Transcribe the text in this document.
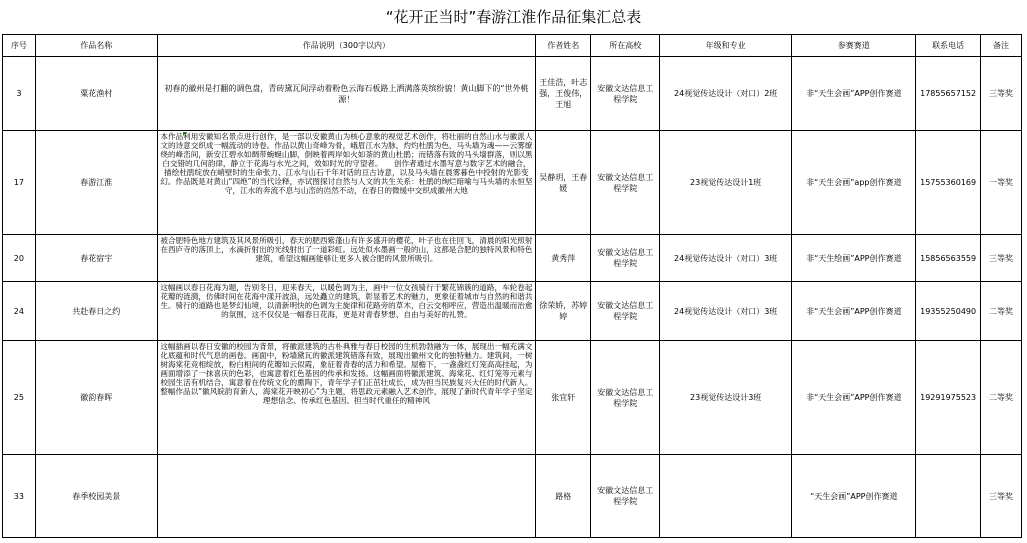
“花开正当时”春游江淮作品征集汇总表
序号	作品名称	作品说明（300字以内）	作者姓名	所在高校	年级和专业	参赛赛道	联系电话	备注
3	粟花渔村	初春的徽州是打翻的调色盘，青砖黛瓦间浮动着粉色云海石板路上洒满落英缤纷貌！黄山脚下的“世外桃源！	王佳浩，叶志强，王俊伟，王旭	安徽文达信息工程学院	24视觉传达设计（对口）2班	非“天生会画”APP创作赛道	17855657152	三等奖
17	春游江淮	本作品利用安徽知名景点进行创作，是一部以安徽黄山为核心意象的视觉艺术创作，将壮丽的自然山水与徽派人文的诗意交织成一幅流动的诗卷。作品以黄山奇峰为骨，峨眉江水为脉，灼灼杜鹃为色，马头墙为魂——云雾缭绕的峰峦间，新安江碧水如绸带蜿蜒山脚，倒映着两岸如火如荼的黄山杜鹃；而错落有致的马头墙群落，则以黑白交错的几何韵律，静立于花海与水光之间，效如时光的守望者。　　创作者通过水墨写意与数字艺术的融合，描绘杜鹃绽放在峭壁时的生命张力、江水与山石千年对话的亘古诗意，以及马头墙在晨雾暮色中投射的光影变幻。作品既是对黄山“四绝”的当代诠释，亦试图探讨自然与人文的共生关系：杜鹃的绚烂暗喻与马头墙的永恒坚守，江水的奔流不息与山峦的岿然不动，在春日的微缓中交织成徽州大地	吴静玥，王春媛	安徽文达信息工程学院	23视觉传达设计1班	非“天生会画”app创作赛道	15755360169	一等奖
20	春花宿宇	被合肥特色地方建筑及其风景所吸引，春天的肥西紫蓬山有许多盛开的樱花，叶子也在往回飞，清晨的阳光照射在西庐寺的落顶上，水滴折射出的光线射出了一道彩虹。远处似水墨画一般的山，这都是合肥的独特风景和特色建筑，希望这幅画能够让更多人被合肥的风景所吸引。	黄秀萍	安徽文达信息工程学院	24视觉传达设计（对口）3班	非“天生绘画”APP创作赛道	15856563559	三等奖
24	共赴春日之约	这幅画以春日花海为题，告别冬日，迎来春天，以暖色调为主，画中一位女孩骑行于繁花锦簇的道路，车轮卷起花瓣的涟漪，仿佛时间在花海中漾开波浪，远处矗立的建筑，彰显着艺术的魅力，更象征着城市与自然的和谐共生。骑行的道路也是梦幻仙境，以清新明快的色调为主旋律和花路旁的草木，白云交相呼应，营造出温暖而治愈的氛围，这不仅仅是一幅春日花海，更是对青春梦想、自由与美好的礼赞。	徐荣娇，苏婷婷	安徽文达信息工程学院	24视觉传达设计（对口）3班	非“天生会画”APP创作赛道	19355250490	二等奖
25	徽韵春晖	这幅插画以春日安徽的校园为背景，将徽派建筑的古朴典雅与春日校园的生机勃勃融为一体，展现出一幅充满文化底蕴和时代气息的画卷。画面中，粉墙黛瓦的徽派建筑错落有致，展现出徽州文化的独特魅力。建筑间，一树树海棠花竞相绽放，粉白相间的花瓣如云似霞，象征着青春的活力和希望。屋檐下，一盏盏红灯笼高高挂起，为画面增添了一抹喜庆的色彩，也寓意着红色基因的传承和发扬。这幅画面将徽派建筑、海棠花、红灯笼等元素与校园生活有机结合，寓意着在传统文化的熏陶下，青年学子们正茁壮成长，成为担当民族复兴大任的时代新人。整幅作品以“徽风皖韵育新人，海棠花开映初心”为主题，将思政元素融入艺术创作，展现了新时代青年学子坚定理想信念、传承红色基因、担当时代重任的精神风	张宜轩	安徽文达信息工程学院	23视觉传达设计3班	非“天生会画”APP创作赛道	19291975523	二等奖
33	春季校园美景		路格	安徽文达信息工程学院		“天生会画”APP创作赛道		三等奖
